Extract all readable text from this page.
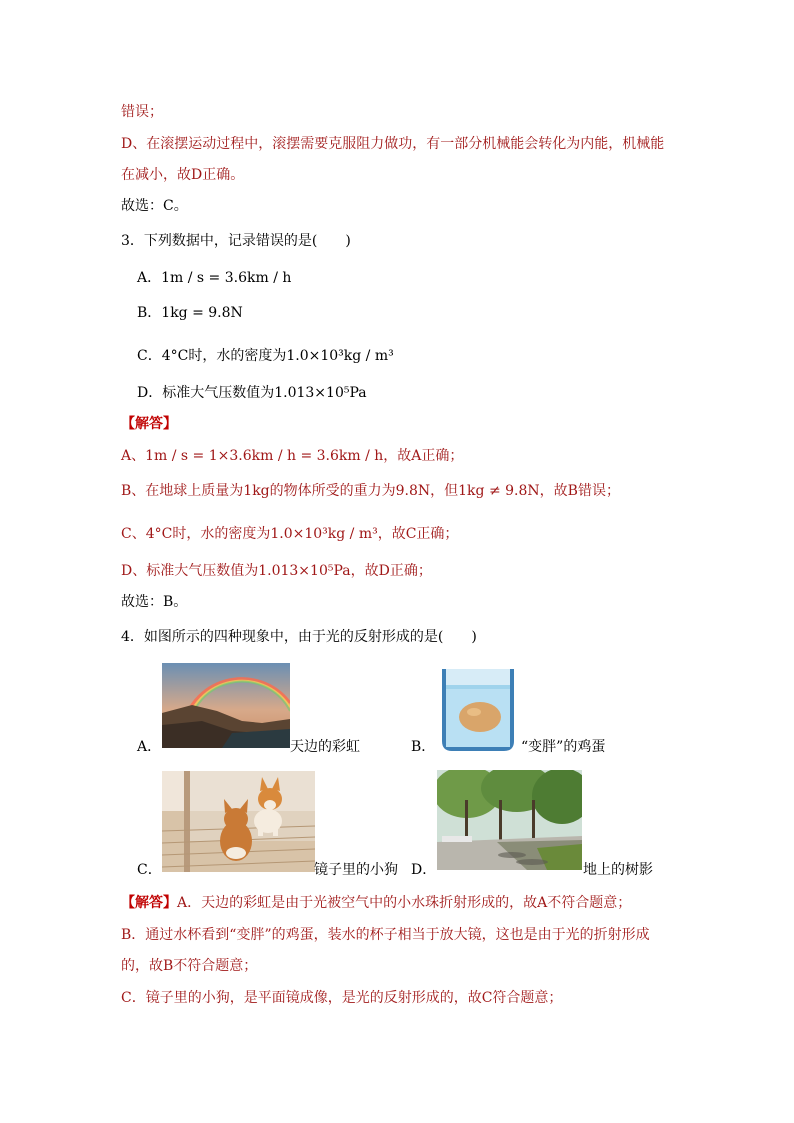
错误；
D、在滚摆运动过程中，滚摆需要克服阻力做功，有一部分机械能会转化为内能，机械能
在减小，故D正确。
故选：C。
3．下列数据中，记录错误的是(　　)
A．1m / s = 3.6km / h
B．1kg = 9.8N
C．4°C时，水的密度为1.0×10³kg / m³
D．标准大气压数值为1.013×10⁵Pa
【解答】
A、1m / s = 1×3.6km / h = 3.6km / h，故A正确；
B、在地球上质量为1kg的物体所受的重力为9.8N，但1kg ≠ 9.8N，故B错误；
C、4°C时，水的密度为1.0×10³kg / m³，故C正确；
D、标准大气压数值为1.013×10⁵Pa，故D正确；
故选：B。
4．如图所示的四种现象中，由于光的反射形成的是(　　)
A．	天边的彩虹	B．	“变胖”的鸡蛋
C．	镜子里的小狗 D．	地上的树影
【解答】A．天边的彩虹是由于光被空气中的小水珠折射形成的，故A不符合题意；
B．通过水杯看到“变胖”的鸡蛋，装水的杯子相当于放大镜，这也是由于光的折射形成
的，故B不符合题意；
C．镜子里的小狗，是平面镜成像，是光的反射形成的，故C符合题意；
